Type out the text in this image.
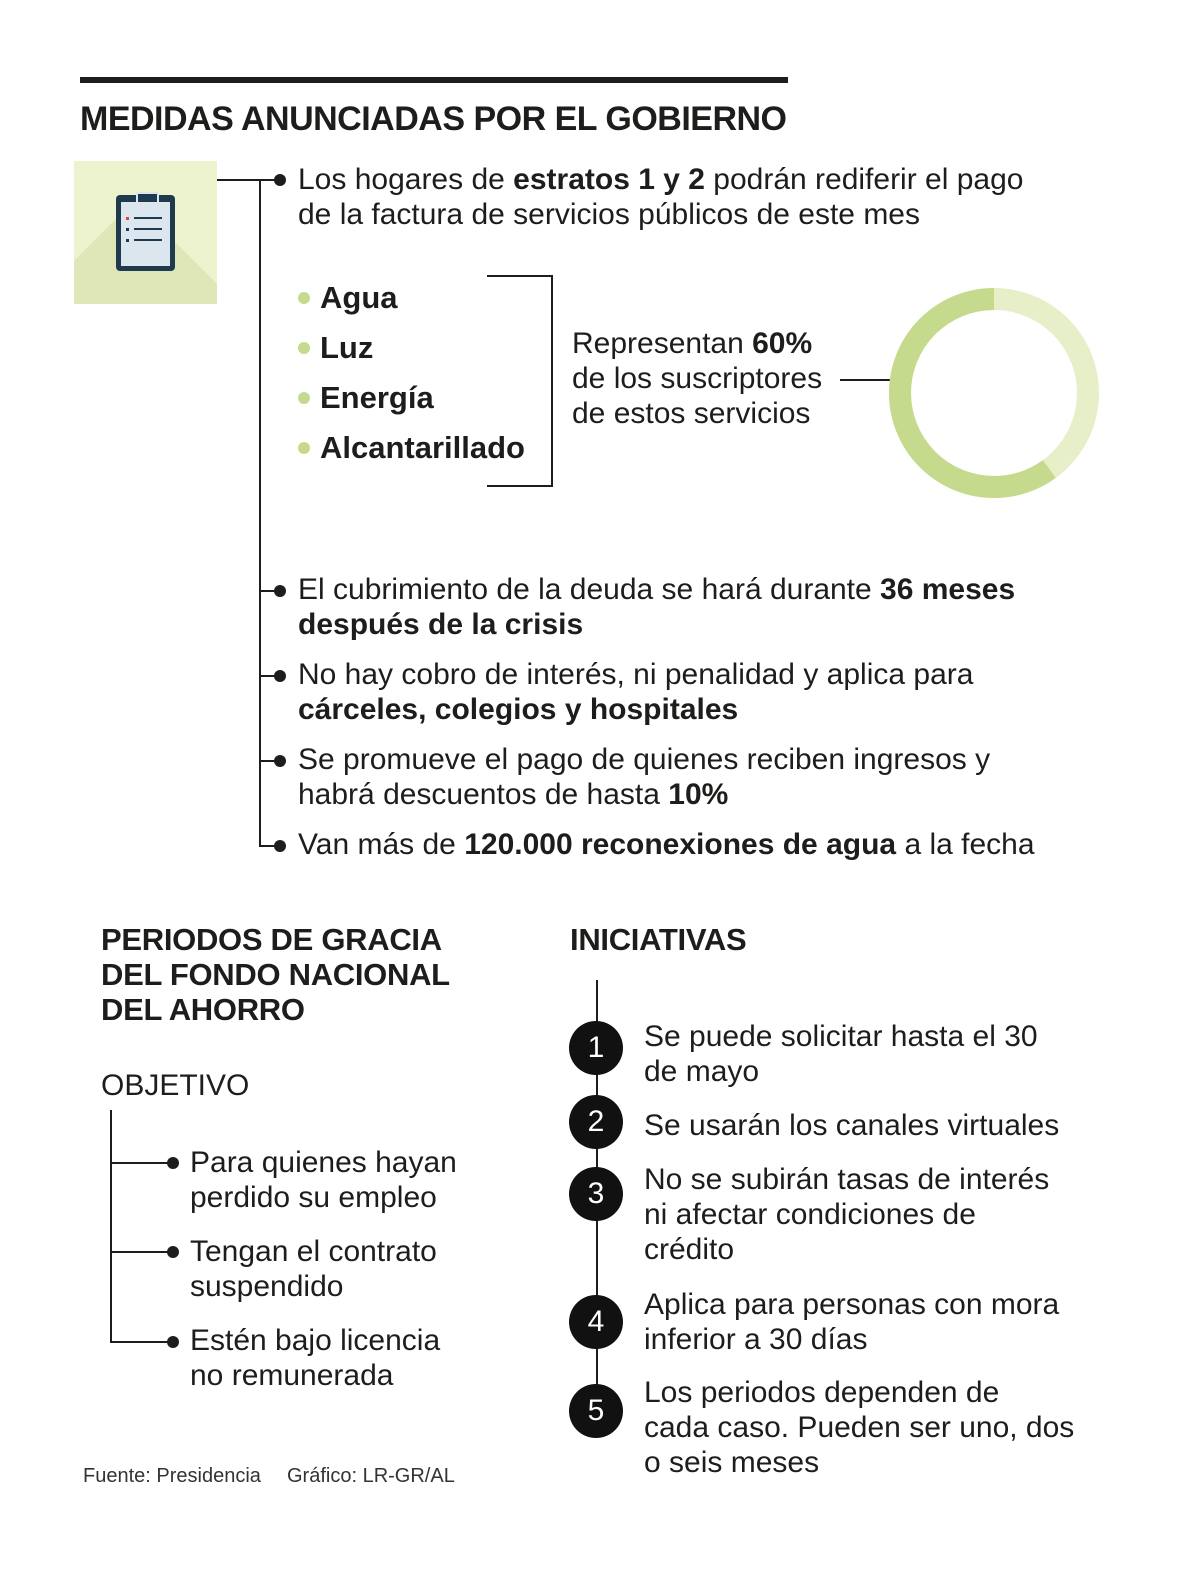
MEDIDAS ANUNCIADAS POR EL GOBIERNO
Los hogares de estratos 1 y 2 podrán rediferir el pago
de la factura de servicios públicos de este mes
Agua
Luz
Energía
Alcantarillado
Representan 60%
de los suscriptores
de estos servicios
El cubrimiento de la deuda se hará durante 36 meses
después de la crisis
No hay cobro de interés, ni penalidad y aplica para
cárceles, colegios y hospitales
Se promueve el pago de quienes reciben ingresos y
habrá descuentos de hasta 10%
Van más de 120.000 reconexiones de agua a la fecha
PERIODOS DE GRACIA
DEL FONDO NACIONAL
DEL AHORRO
OBJETIVO
Para quienes hayan
perdido su empleo
Tengan el contrato
suspendido
Estén bajo licencia
no remunerada
INICIATIVAS
1	Se puede solicitar hasta el 30
de mayo
2	Se usarán los canales virtuales
3	No se subirán tasas de interés
ni afectar condiciones de
crédito
4
Aplica para personas con mora
inferior a 30 días
5
Los periodos dependen de
cada caso. Pueden ser uno, dos
o seis meses
Fuente: Presidencia Gráfico: LR-GR/AL
